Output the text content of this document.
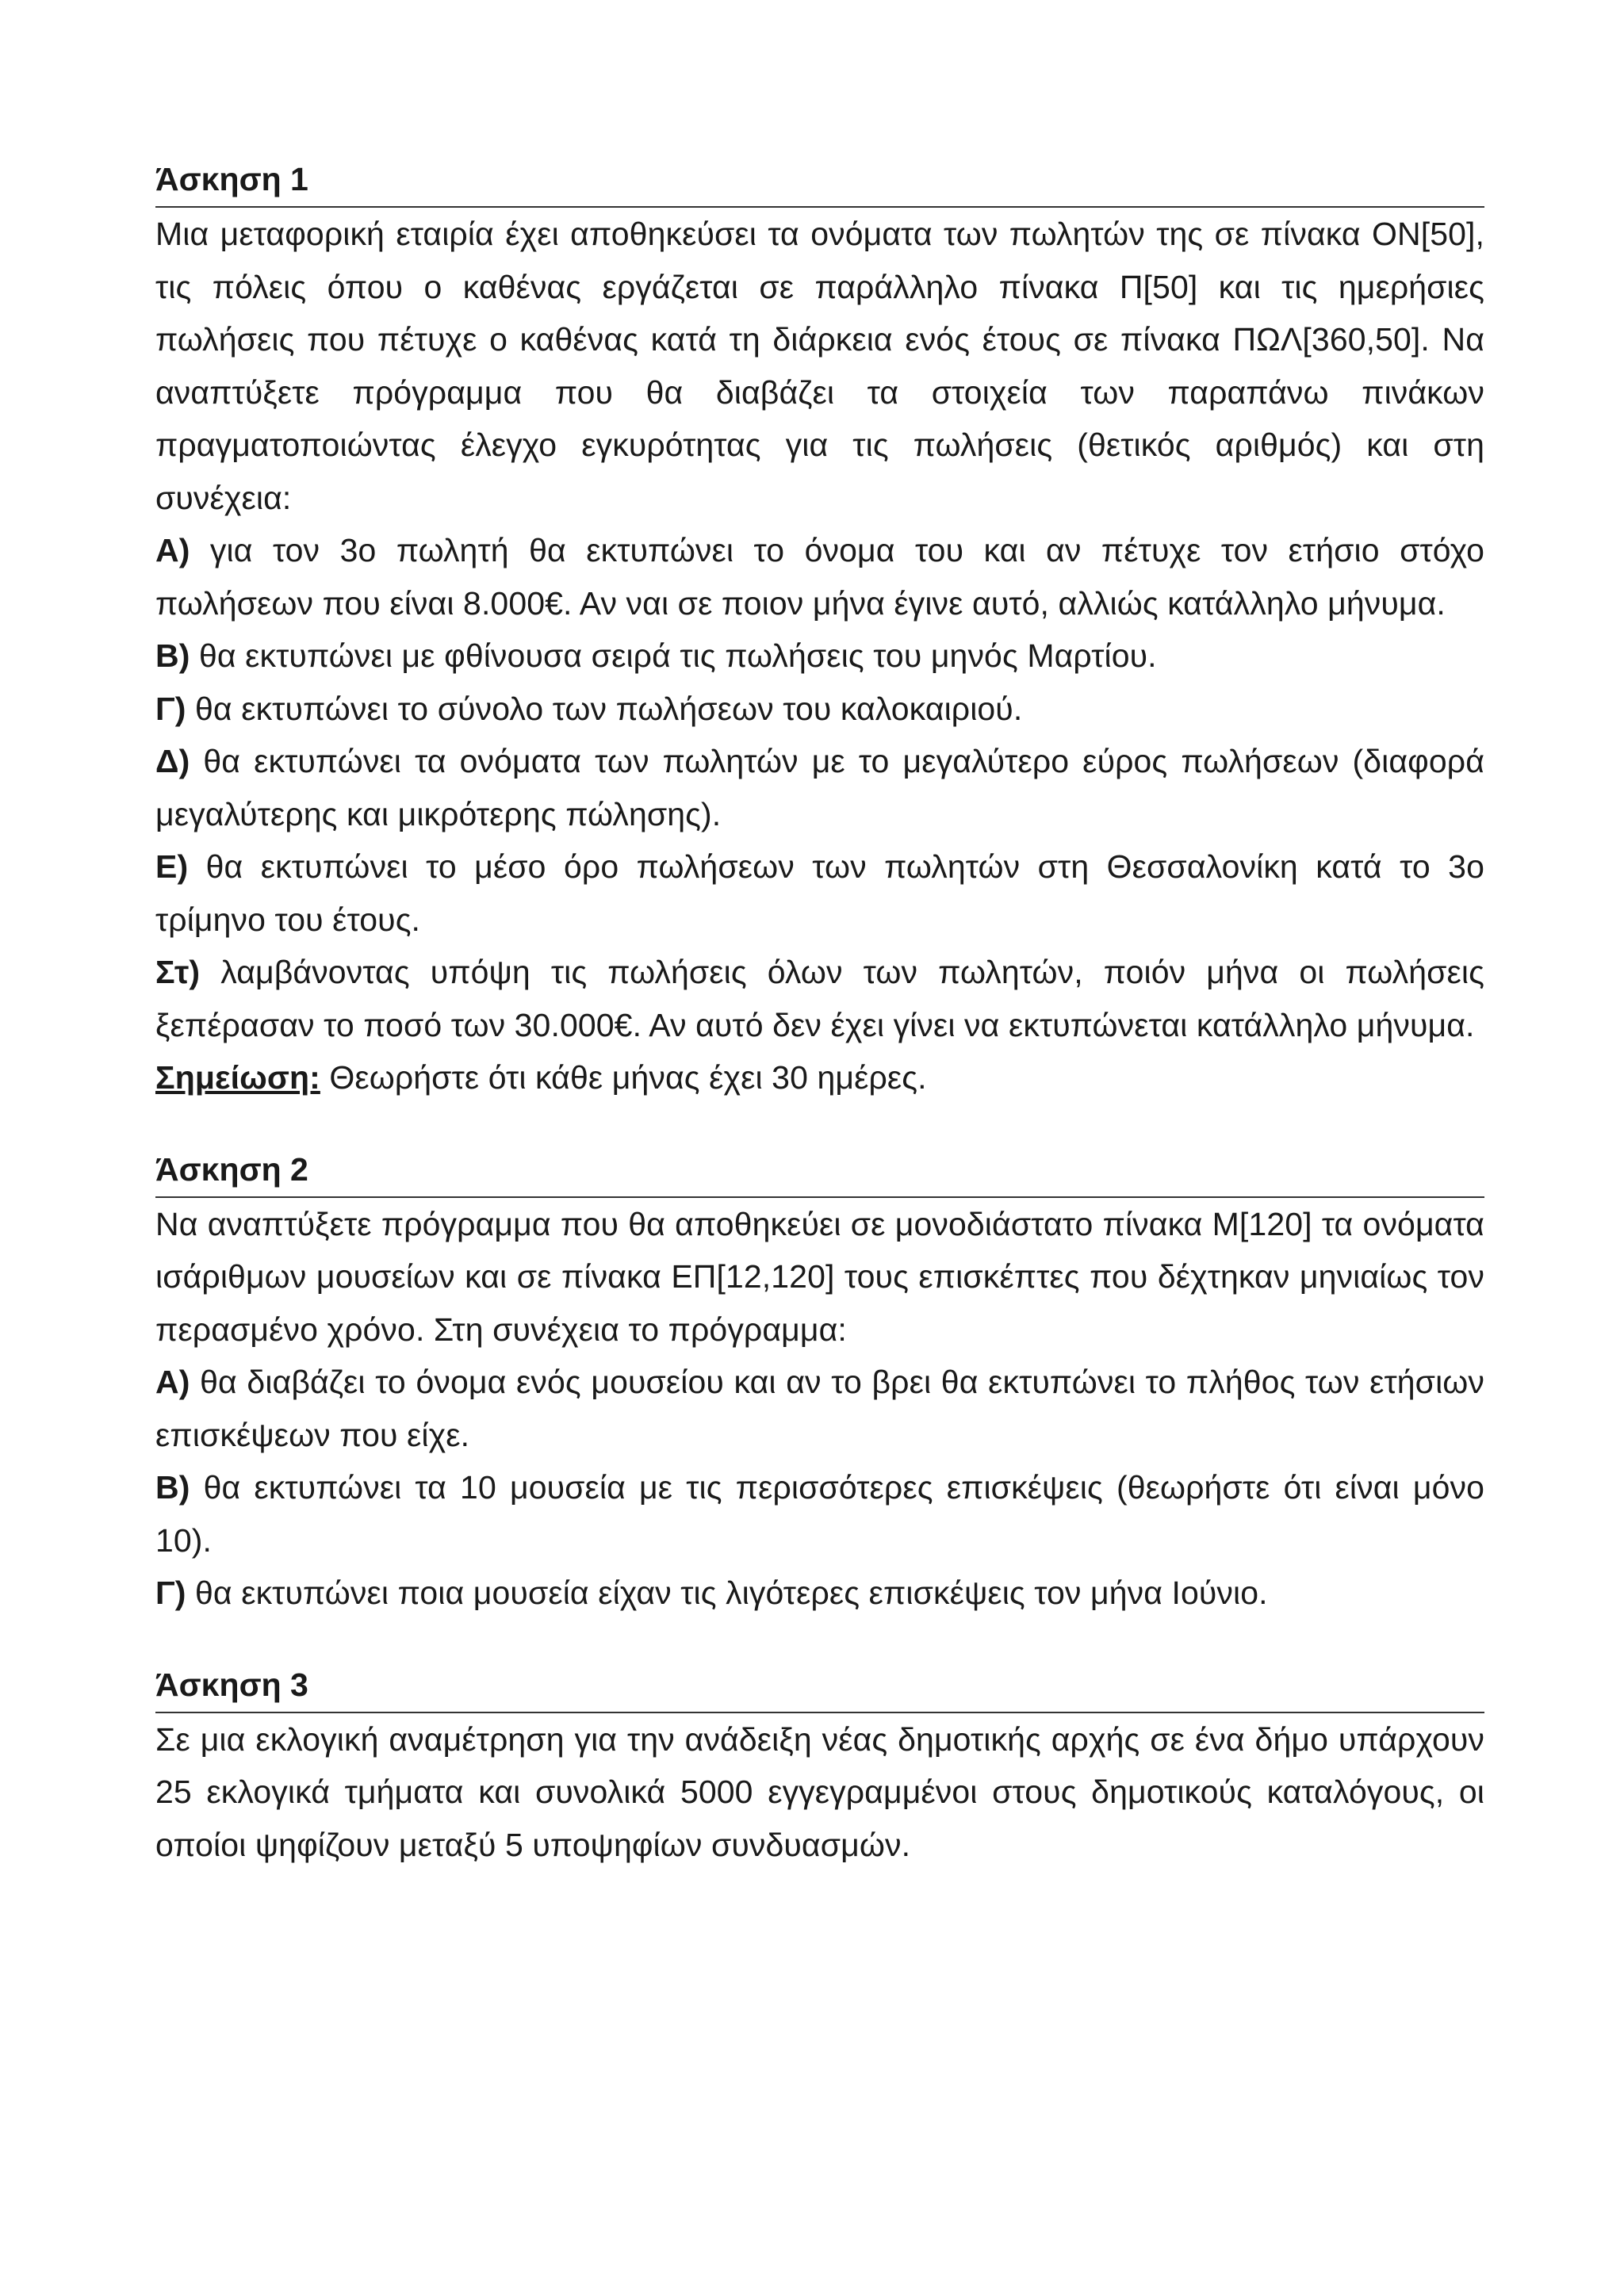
Άσκηση 1

Μια μεταφορική εταιρία έχει αποθηκεύσει τα ονόματα των πωλητών της σε πίνακα ΟΝ[50], τις πόλεις όπου ο καθένας εργάζεται σε παράλληλο πίνακα Π[50] και τις ημερήσιες πωλήσεις που πέτυχε ο καθένας κατά τη διάρκεια ενός έτους σε πίνακα ΠΩΛ[360,50]. Να αναπτύξετε πρόγραμμα που θα διαβάζει τα στοιχεία των παραπάνω πινάκων πραγματοποιώντας έλεγχο εγκυρότητας για τις πωλήσεις (θετικός αριθμός) και στη συνέχεια:

Α) για τον 3ο πωλητή θα εκτυπώνει το όνομα του και αν πέτυχε τον ετήσιο στόχο πωλήσεων που είναι 8.000€. Αν ναι σε ποιον μήνα έγινε αυτό, αλλιώς κατάλληλο μήνυμα.

Β) θα εκτυπώνει με φθίνουσα σειρά τις πωλήσεις του μηνός Μαρτίου.

Γ) θα εκτυπώνει το σύνολο των πωλήσεων του καλοκαιριού.

Δ) θα εκτυπώνει τα ονόματα των πωλητών με το μεγαλύτερο εύρος πωλήσεων (διαφορά μεγαλύτερης και μικρότερης πώλησης).

Ε) θα εκτυπώνει το μέσο όρο πωλήσεων των πωλητών στη Θεσσαλονίκη κατά το 3ο τρίμηνο του έτους.

Στ) λαμβάνοντας υπόψη τις πωλήσεις όλων των πωλητών, ποιόν μήνα οι πωλήσεις ξεπέρασαν το ποσό των 30.000€. Αν αυτό δεν έχει γίνει να εκτυπώνεται κατάλληλο μήνυμα.

Σημείωση: Θεωρήστε ότι κάθε μήνας έχει 30 ημέρες.

Άσκηση 2

Να αναπτύξετε πρόγραμμα που θα αποθηκεύει σε μονοδιάστατο πίνακα Μ[120] τα ονόματα ισάριθμων μουσείων και σε πίνακα ΕΠ[12,120] τους επισκέπτες που δέχτηκαν μηνιαίως τον περασμένο χρόνο. Στη συνέχεια το πρόγραμμα:

Α) θα διαβάζει το όνομα ενός μουσείου και αν το βρει θα εκτυπώνει το πλήθος των ετήσιων επισκέψεων που είχε.

Β) θα εκτυπώνει τα 10 μουσεία με τις περισσότερες επισκέψεις (θεωρήστε ότι είναι μόνο 10).

Γ) θα εκτυπώνει ποια μουσεία είχαν τις λιγότερες επισκέψεις τον μήνα Ιούνιο.

Άσκηση 3

Σε μια εκλογική αναμέτρηση για την ανάδειξη νέας δημοτικής αρχής σε ένα δήμο υπάρχουν 25 εκλογικά τμήματα και συνολικά 5000 εγγεγραμμένοι στους δημοτικούς καταλόγους, οι οποίοι ψηφίζουν μεταξύ 5 υποψηφίων συνδυασμών.
